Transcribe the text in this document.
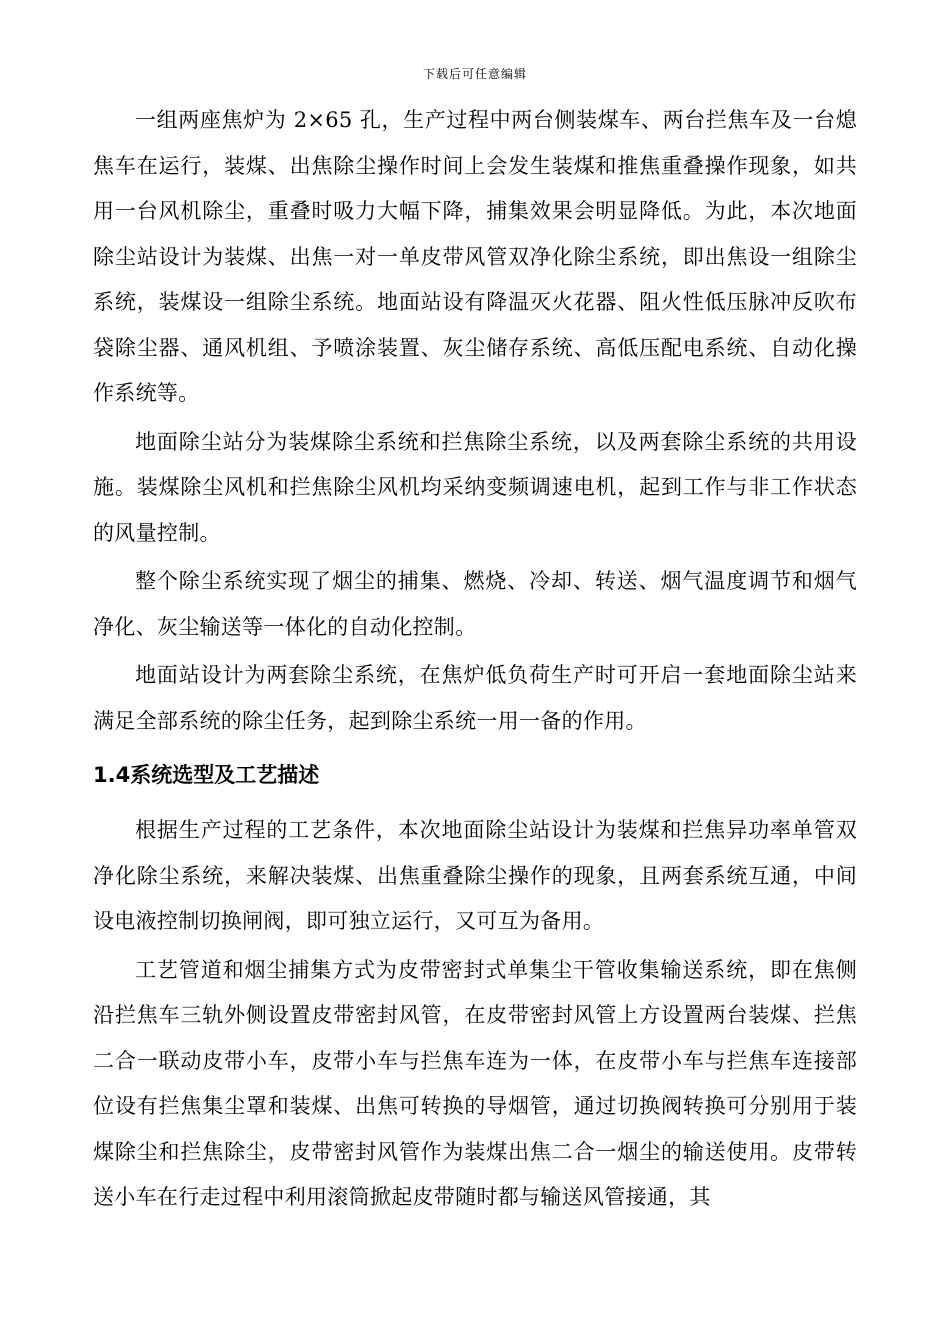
下载后可任意编辑

一组两座焦炉为 2×65 孔，生产过程中两台侧装煤车、两台拦焦车及一台熄焦车在运行，装煤、出焦除尘操作时间上会发生装煤和推焦重叠操作现象，如共用一台风机除尘，重叠时吸力大幅下降，捕集效果会明显降低。为此，本次地面除尘站设计为装煤、出焦一对一单皮带风管双净化除尘系统，即出焦设一组除尘系统，装煤设一组除尘系统。地面站设有降温灭火花器、阻火性低压脉冲反吹布袋除尘器、通风机组、予喷涂装置、灰尘储存系统、高低压配电系统、自动化操作系统等。

地面除尘站分为装煤除尘系统和拦焦除尘系统，以及两套除尘系统的共用设施。装煤除尘风机和拦焦除尘风机均采纳变频调速电机，起到工作与非工作状态的风量控制。

整个除尘系统实现了烟尘的捕集、燃烧、冷却、转送、烟气温度调节和烟气净化、灰尘输送等一体化的自动化控制。

地面站设计为两套除尘系统，在焦炉低负荷生产时可开启一套地面除尘站来满足全部系统的除尘任务，起到除尘系统一用一备的作用。

1.4系统选型及工艺描述

根据生产过程的工艺条件，本次地面除尘站设计为装煤和拦焦异功率单管双净化除尘系统，来解决装煤、出焦重叠除尘操作的现象，且两套系统互通，中间设电液控制切换闸阀，即可独立运行，又可互为备用。

工艺管道和烟尘捕集方式为皮带密封式单集尘干管收集输送系统，即在焦侧沿拦焦车三轨外侧设置皮带密封风管，在皮带密封风管上方设置两台装煤、拦焦二合一联动皮带小车，皮带小车与拦焦车连为一体，在皮带小车与拦焦车连接部位设有拦焦集尘罩和装煤、出焦可转换的导烟管，通过切换阀转换可分别用于装煤除尘和拦焦除尘，皮带密封风管作为装煤出焦二合一烟尘的输送使用。皮带转送小车在行走过程中利用滚筒掀起皮带随时都与输送风管接通，其
